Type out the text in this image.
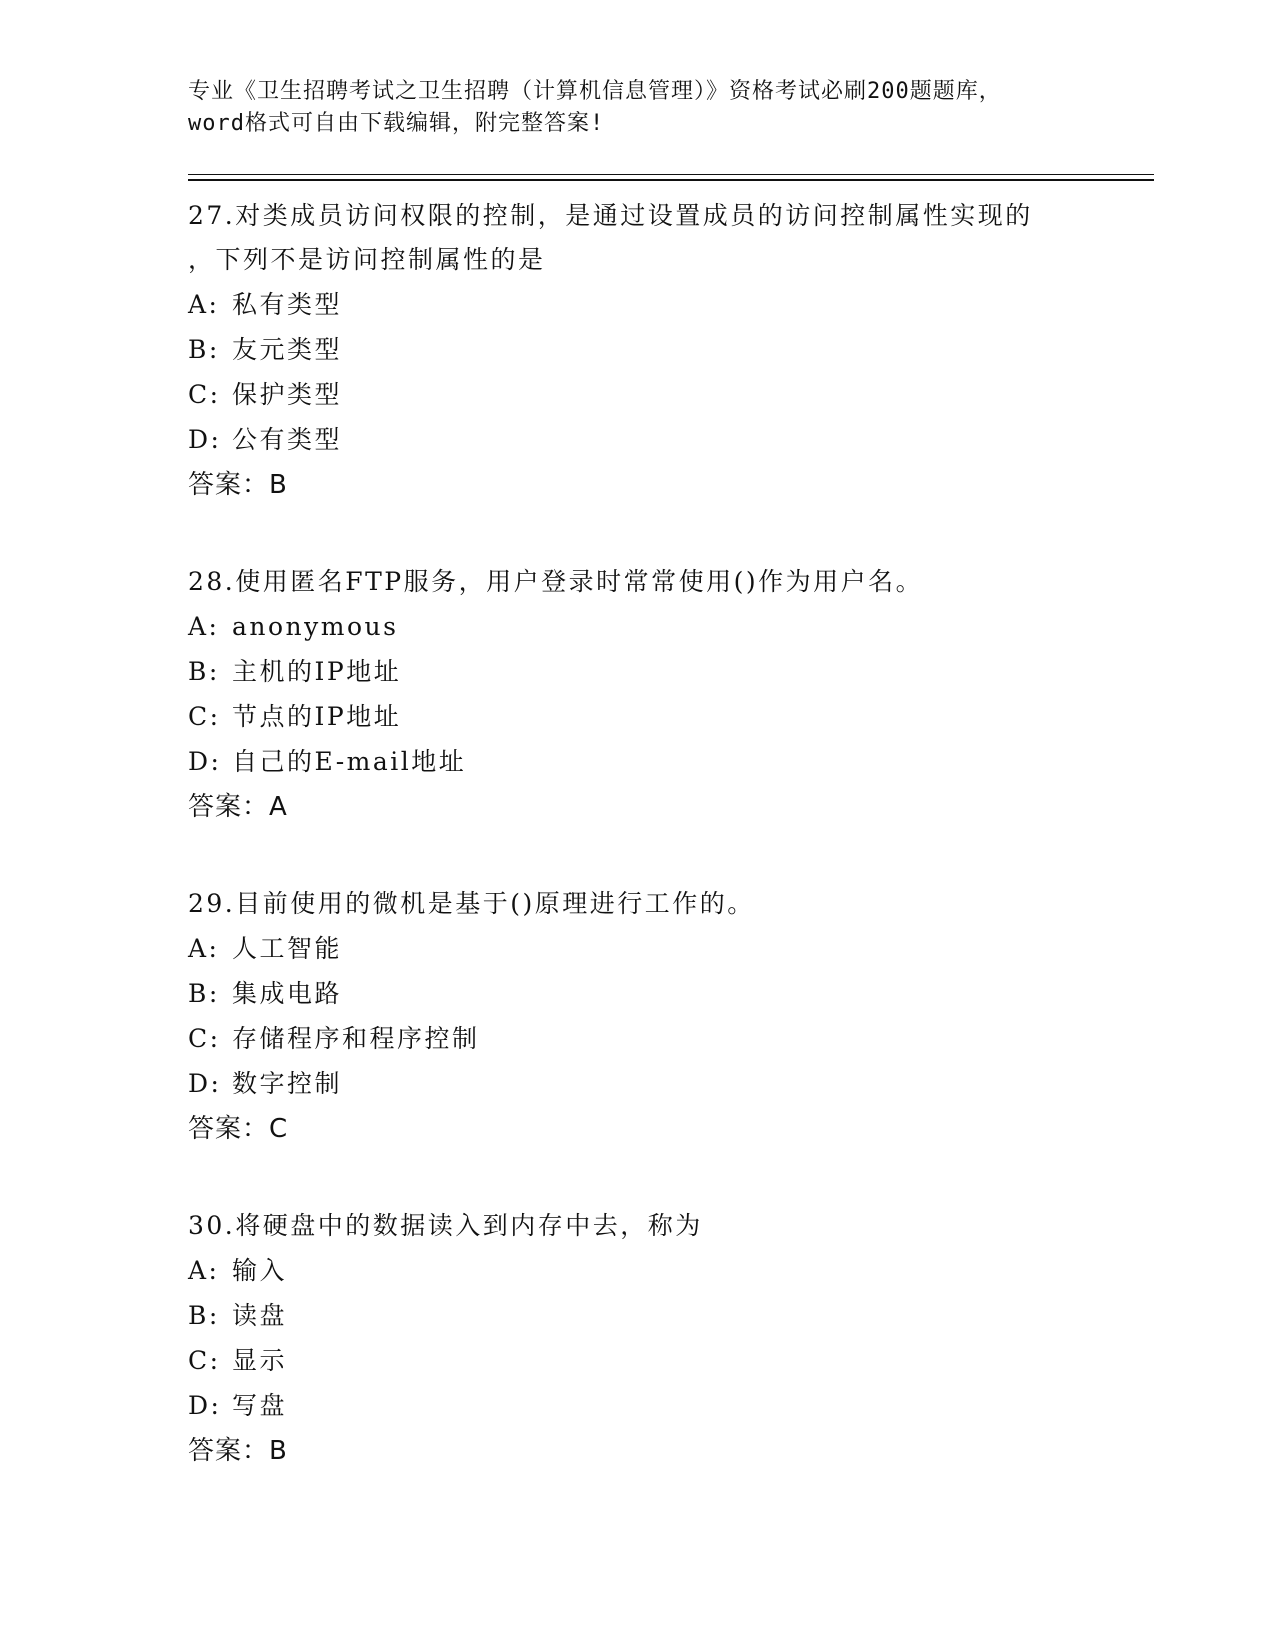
专业《卫生招聘考试之卫生招聘（计算机信息管理）》资格考试必刷200题题库，
word格式可自由下载编辑，附完整答案!
27.对类成员访问权限的控制，是通过设置成员的访问控制属性实现的
，下列不是访问控制属性的是
A: 私有类型
B: 友元类型
C: 保护类型
D: 公有类型
答案：B
28.使用匿名FTP服务，用户登录时常常使用()作为用户名。
A: anonymous
B: 主机的IP地址
C: 节点的IP地址
D: 自己的E-mail地址
答案：A
29.目前使用的微机是基于()原理进行工作的。
A: 人工智能
B: 集成电路
C: 存储程序和程序控制
D: 数字控制
答案：C
30.将硬盘中的数据读入到内存中去，称为
A: 输入
B: 读盘
C: 显示
D: 写盘
答案：B
